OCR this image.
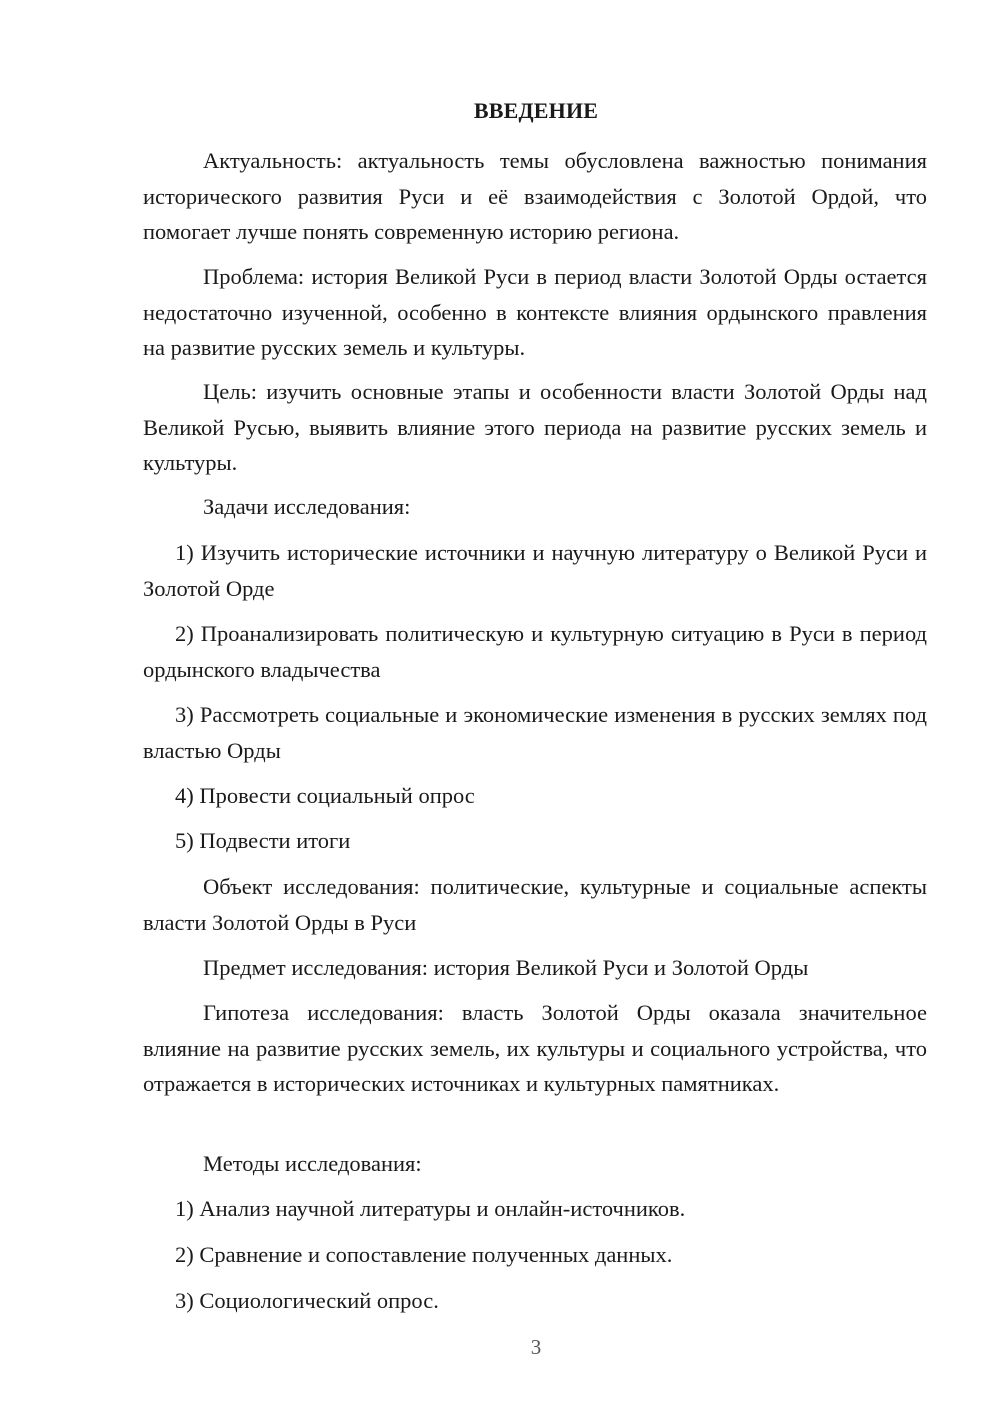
ВВЕДЕНИЕ

Актуальность: актуальность темы обусловлена важностью понимания исторического развития Руси и её взаимодействия с Золотой Ордой, что помогает лучше понять современную историю региона.

Проблема: история Великой Руси в период власти Золотой Орды остается недостаточно изученной, особенно в контексте влияния ордынского правления на развитие русских земель и культуры.

Цель: изучить основные этапы и особенности власти Золотой Орды над Великой Русью, выявить влияние этого периода на развитие русских земель и культуры.

Задачи исследования:

1) Изучить исторические источники и научную литературу о Великой Руси и Золотой Орде

2) Проанализировать политическую и культурную ситуацию в Руси в период ордынского владычества

3) Рассмотреть социальные и экономические изменения в русских землях под властью Орды

4) Провести социальный опрос

5) Подвести итоги

Объект исследования: политические, культурные и социальные аспекты власти Золотой Орды в Руси

Предмет исследования: история Великой Руси и Золотой Орды

Гипотеза исследования: власть Золотой Орды оказала значительное влияние на развитие русских земель, их культуры и социального устройства, что отражается в исторических источниках и культурных памятниках.

Методы исследования:

1) Анализ научной литературы и онлайн-источников.

2) Сравнение и сопоставление полученных данных.

3) Социологический опрос.

3
